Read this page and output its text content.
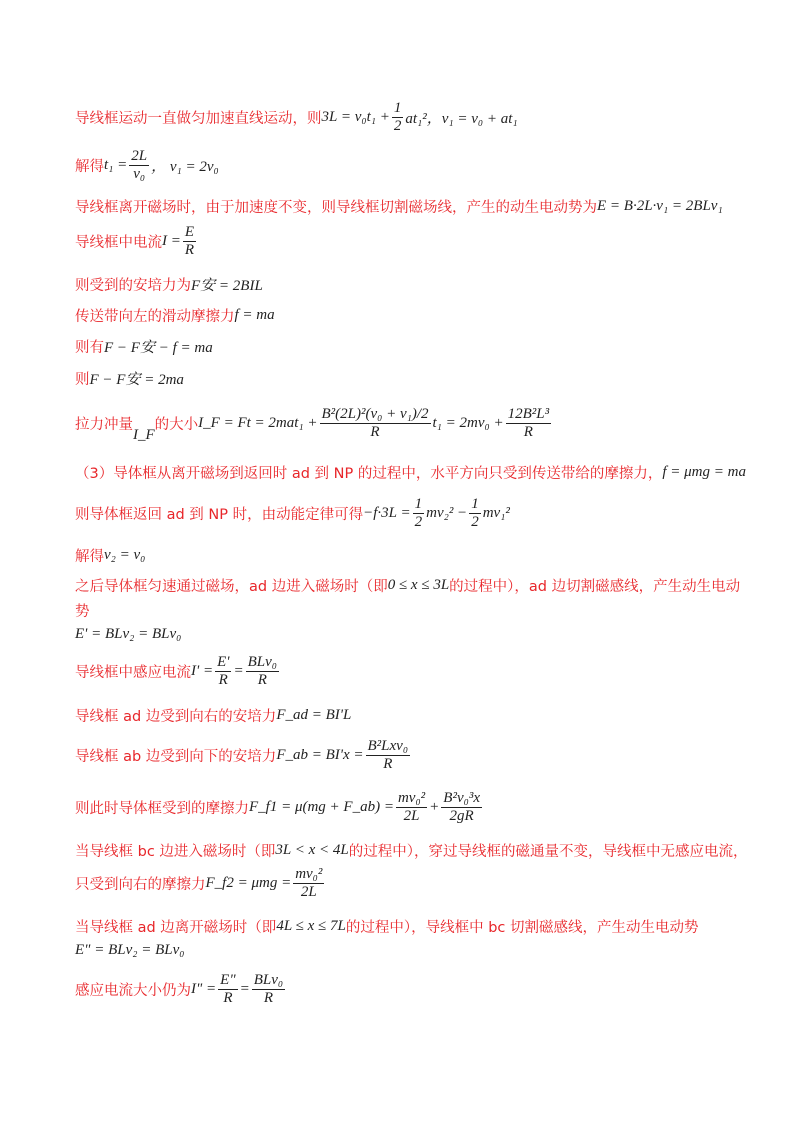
导线框运动一直做匀加速直线运动，则 $3L = v_0t_1 + \frac{1}{2} at_1^2$，v₁ = v₀ + at₁
解得 $t_1 = \frac{2L}{\text{v₀}}$ ， v₁ = 2v₀
导线框离开磁场时，由于加速度不变，则导线框切割磁场线，产生的动生电动势为 E = B·2L·v₁ = 2BLv₁
导线框中电流 $I = \frac{E}{R}$
则受到的安培力为 F安 = 2BIL
传送带向左的滑动摩擦力 f = ma
则有 F − F安 − f = ma
则 F − F安 = 2ma
拉力冲量
I_F
的大小 I_F = $Ft = 2mat_1 + \frac{\text{B²(2L)²(v₀ + v₁)/2}}{R} t_1 = 2mv_0 + \frac{\text{12B²L³}}{R}$
（3）导体框从离开磁场到返回时 ad 到 NP 的过程中，水平方向只受到传送带给的摩擦力， f = μmg = ma
则导体框返回 ad 到 NP 时，由动能定律可得 $-f\cdot 3L = \frac{1}{2} mv_2^2 - \frac{1}{2} mv_1^2$
解得 v₂ = v₀
之后导体框匀速通过磁场，ad 边进入磁场时（即 0 ≤ x ≤ 3L 的过程中），ad 边切割磁感线，产生动生电动
势
E' = BLv₂ = BLv₀
导线框中感应电流 $I' = \frac{E'}{R} = \frac{\text{BLv₀}}{R}$
导线框 ad 边受到向右的安培力 F_ad = BI'L
导线框 ab 边受到向下的安培力 F_ab = $BI'x = \frac{\text{B²Lxv₀}}{R}$
则此时导体框受到的摩擦力 F_f1 = μ(mg + F_ab) = $\frac{\text{mv₀²}}{2L} + \frac{\text{B²v₀³x}}{2gR}$
当导线框 bc 边进入磁场时（即 3L < x < 4L 的过程中），穿过导线框的磁通量不变，导线框中无感应电流，
只受到向右的摩擦力 F_f2 = $\mu mg = \frac{\text{mv₀²}}{2L}$
当导线框 ad 边离开磁场时（即 4L ≤ x ≤ 7L 的过程中），导线框中 bc 切割磁感线，产生动生电动势
E" = BLv₂ = BLv₀
感应电流大小仍为 I" = $\frac{E"}{R} = \frac{\text{BLv₀}}{R}$
